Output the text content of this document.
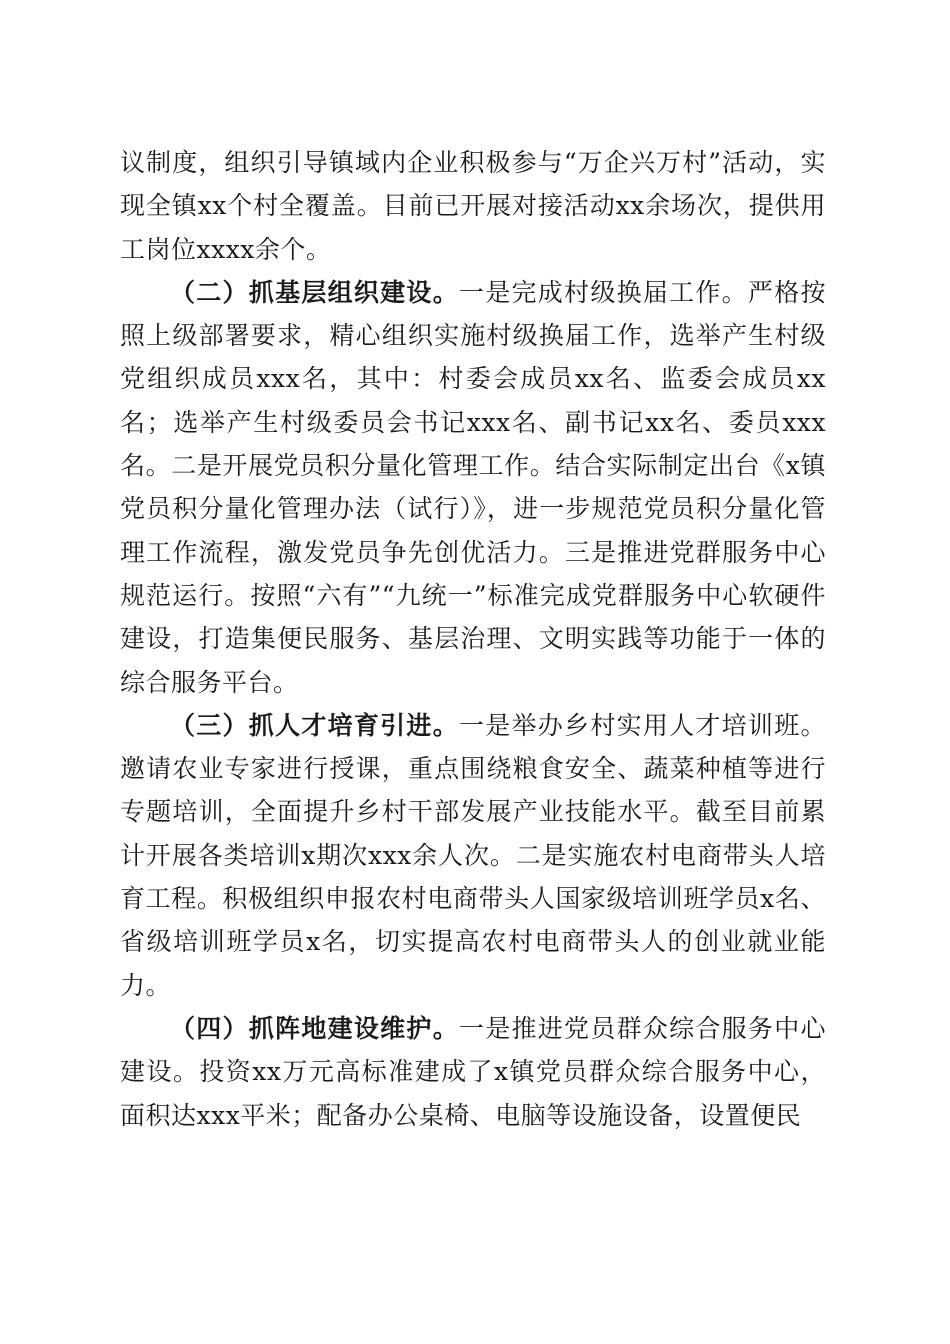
议制度，组织引导镇域内企业积极参与“万企兴万村”活动，实现全镇xx个村全覆盖。目前已开展对接活动xx余场次，提供用工岗位xxxx余个。

（二）抓基层组织建设。一是完成村级换届工作。严格按照上级部署要求，精心组织实施村级换届工作，选举产生村级党组织成员xxx名，其中：村委会成员xx名、监委会成员xx名；选举产生村级委员会书记xxx名、副书记xx名、委员xxx名。二是开展党员积分量化管理工作。结合实际制定出台《x镇党员积分量化管理办法（试行）》，进一步规范党员积分量化管理工作流程，激发党员争先创优活力。三是推进党群服务中心规范运行。按照“六有”“九统一”标准完成党群服务中心软硬件建设，打造集便民服务、基层治理、文明实践等功能于一体的综合服务平台。

（三）抓人才培育引进。一是举办乡村实用人才培训班。邀请农业专家进行授课，重点围绕粮食安全、蔬菜种植等进行专题培训，全面提升乡村干部发展产业技能水平。截至目前累计开展各类培训x期次xxx余人次。二是实施农村电商带头人培育工程。积极组织申报农村电商带头人国家级培训班学员x名、省级培训班学员x名，切实提高农村电商带头人的创业就业能力。

（四）抓阵地建设维护。一是推进党员群众综合服务中心建设。投资xx万元高标准建成了x镇党员群众综合服务中心，面积达xxx平米；配备办公桌椅、电脑等设施设备，设置便民
